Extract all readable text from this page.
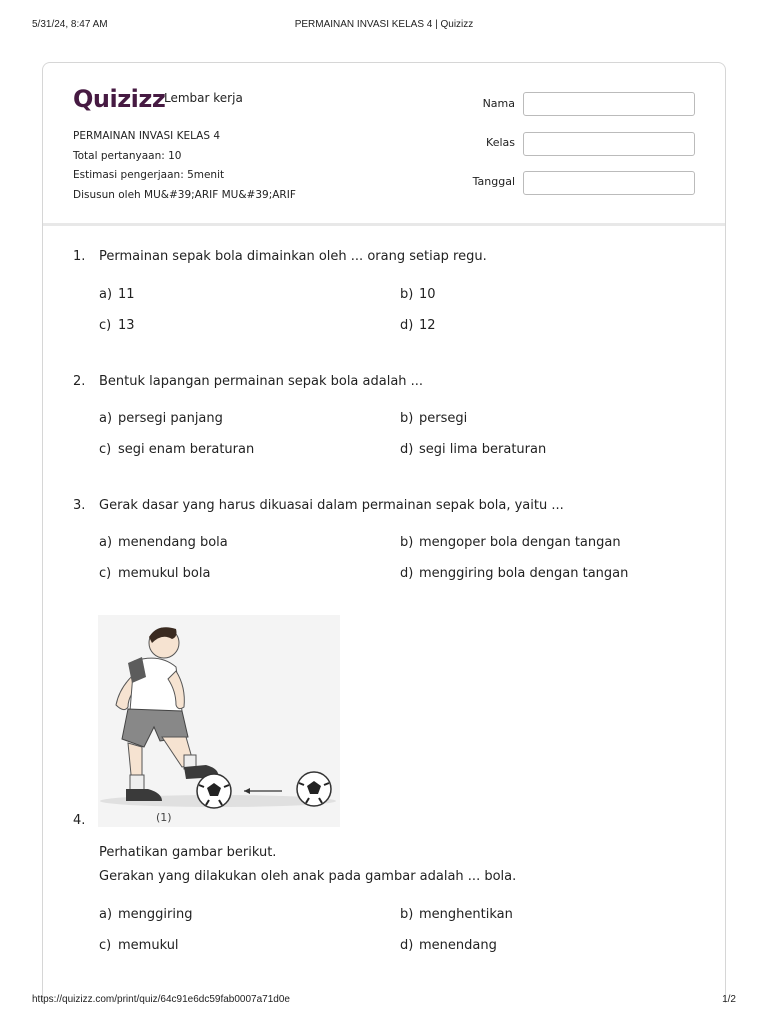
5/31/24, 8:47 AM	PERMAINAN INVASI KELAS 4 | Quizizz
Quizizz
Lembar kerja
PERMAINAN INVASI KELAS 4
Total pertanyaan: 10
Estimasi pengerjaan: 5menit
Disusun oleh MU&#39;ARIF MU&#39;ARIF
Nama
Kelas
Tanggal
1. Permainan sepak bola dimainkan oleh ... orang setiap regu.
a) 11	b) 10
c) 13	d) 12
2. Bentuk lapangan permainan sepak bola adalah ...
a) persegi panjang	b) persegi
c) segi enam beraturan	d) segi lima beraturan
3. Gerak dasar yang harus dikuasai dalam permainan sepak bola, yaitu ...
a) menendang bola	b) mengoper bola dengan tangan
c) memukul bola	d) menggiring bola dengan tangan
4.
Perhatikan gambar berikut.
Gerakan yang dilakukan oleh anak pada gambar adalah ... bola.
a) menggiring	b) menghentikan
c) memukul	d) menendang
(1)
https://quizizz.com/print/quiz/64c91e6dc59fab0007a71d0e	1/2
